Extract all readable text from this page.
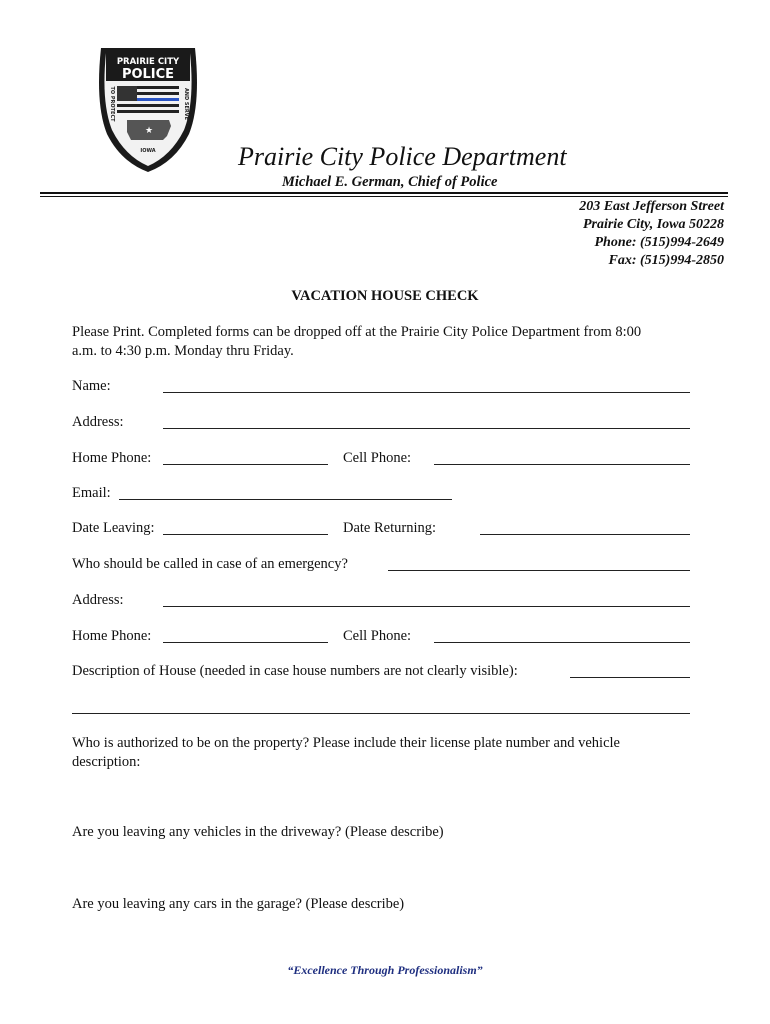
PRAIRIE CITY
POLICE
★
IOWA
TO PROTECT	AND SERVE
Prairie City Police Department
Michael E. German, Chief of Police
203 East Jefferson Street
Prairie City, Iowa 50228
Phone: (515)994-2649
Fax: (515)994-2850
VACATION HOUSE CHECK
Please Print. Completed forms can be dropped off at the Prairie City Police Department from 8:00
a.m. to 4:30 p.m. Monday thru Friday.
Name:
Address:
Home Phone:	Cell Phone:
Email:
Date Leaving:	Date Returning:
Who should be called in case of an emergency?
Address:
Home Phone:	Cell Phone:
Description of House (needed in case house numbers are not clearly visible):
Who is authorized to be on the property? Please include their license plate number and vehicle
description:
Are you leaving any vehicles in the driveway? (Please describe)
Are you leaving any cars in the garage? (Please describe)
“Excellence Through Professionalism”
